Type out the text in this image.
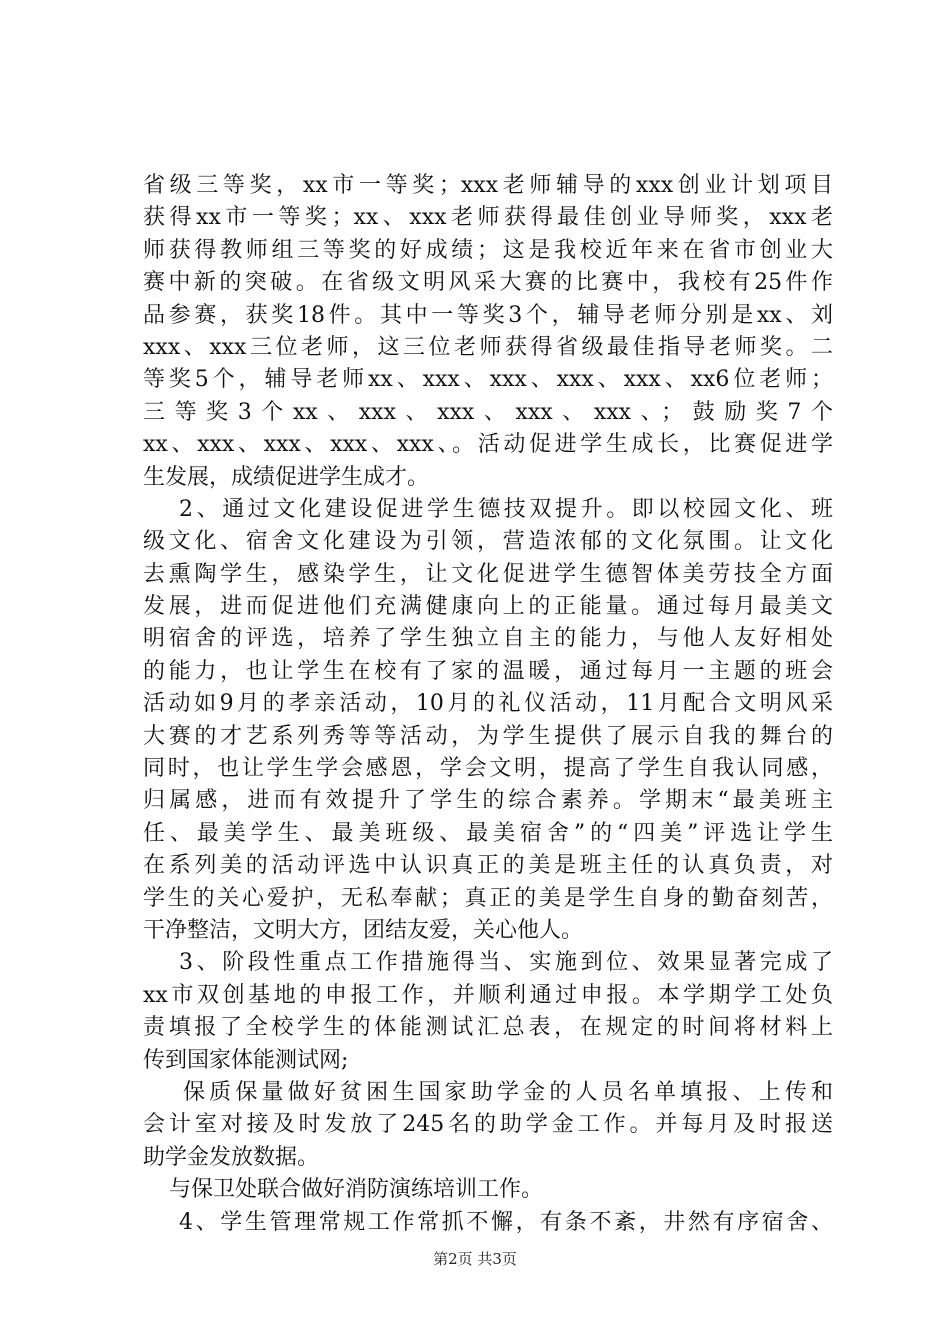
省级三等奖，xx市一等奖；xxx老师辅导的xxx创业计划项目
获得xx市一等奖；xx、xxx老师获得最佳创业导师奖，xxx老
师获得教师组三等奖的好成绩；这是我校近年来在省市创业大
赛中新的突破。在省级文明风采大赛的比赛中，我校有25件作
品参赛，获奖18件。其中一等奖3个，辅导老师分别是xx、刘
xxx、xxx三位老师，这三位老师获得省级最佳指导老师奖。二
等奖5个，辅导老师xx、xxx、xxx、xxx、xxx、xx6位老师；
三等奖3个xx、xxx、xxx、xxx、xxx、；鼓励奖7个
xx、xxx、xxx、xxx、xxx、。活动促进学生成长，比赛促进学
生发展，成绩促进学生成才。
2、通过文化建设促进学生德技双提升。即以校园文化、班
级文化、宿舍文化建设为引领，营造浓郁的文化氛围。让文化
去熏陶学生，感染学生，让文化促进学生德智体美劳技全方面
发展，进而促进他们充满健康向上的正能量。通过每月最美文
明宿舍的评选，培养了学生独立自主的能力，与他人友好相处
的能力，也让学生在校有了家的温暖，通过每月一主题的班会
活动如9月的孝亲活动，10月的礼仪活动，11月配合文明风采
大赛的才艺系列秀等等活动，为学生提供了展示自我的舞台的
同时，也让学生学会感恩，学会文明，提高了学生自我认同感，
归属感，进而有效提升了学生的综合素养。学期末“最美班主
任、最美学生、最美班级、最美宿舍”的“四美”评选让学生
在系列美的活动评选中认识真正的美是班主任的认真负责，对
学生的关心爱护，无私奉献；真正的美是学生自身的勤奋刻苦，
干净整洁，文明大方，团结友爱，关心他人。
3、阶段性重点工作措施得当、实施到位、效果显著完成了
xx市双创基地的申报工作，并顺利通过申报。本学期学工处负
责填报了全校学生的体能测试汇总表，在规定的时间将材料上
传到国家体能测试网;
保质保量做好贫困生国家助学金的人员名单填报、上传和
会计室对接及时发放了245名的助学金工作。并每月及时报送
助学金发放数据。
与保卫处联合做好消防演练培训工作。
4、学生管理常规工作常抓不懈，有条不紊，井然有序宿舍、
第2页 共3页
